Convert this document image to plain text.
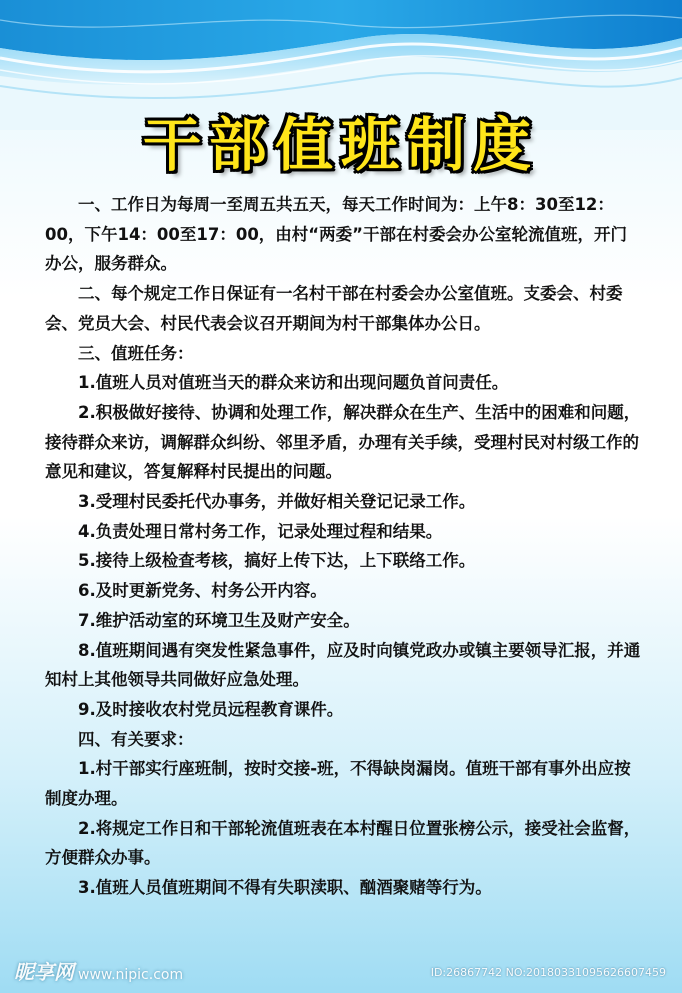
干部值班制度

一、工作日为每周一至周五共五天，每天工作时间为：上午8：30至12：00，下午14：00至17：00，由村“两委”干部在村委会办公室轮流值班，开门办公，服务群众。

二、每个规定工作日保证有一名村干部在村委会办公室值班。支委会、村委会、党员大会、村民代表会议召开期间为村干部集体办公日。

三、值班任务：

1.值班人员对值班当天的群众来访和出现问题负首问责任。

2.积极做好接待、协调和处理工作，解决群众在生产、生活中的困难和问题，接待群众来访，调解群众纠纷、邻里矛盾，办理有关手续，受理村民对村级工作的意见和建议，答复解释村民提出的问题。

3.受理村民委托代办事务，并做好相关登记记录工作。

4.负责处理日常村务工作，记录处理过程和结果。

5.接待上级检查考核，搞好上传下达，上下联络工作。

6.及时更新党务、村务公开内容。

7.维护活动室的环境卫生及财产安全。

8.值班期间遇有突发性紧急事件，应及时向镇党政办或镇主要领导汇报，并通知村上其他领导共同做好应急处理。

9.及时接收农村党员远程教育课件。

四、有关要求：

1.村干部实行座班制，按时交接-班，不得缺岗漏岗。值班干部有事外出应按制度办理。

2.将规定工作日和干部轮流值班表在本村醒日位置张榜公示，接受社会监督，方便群众办事。

3.值班人员值班期间不得有失职渎职、酗酒聚赌等行为。

昵享网 www.nipic.com	ID:26867742 NO:20180331095626607459
